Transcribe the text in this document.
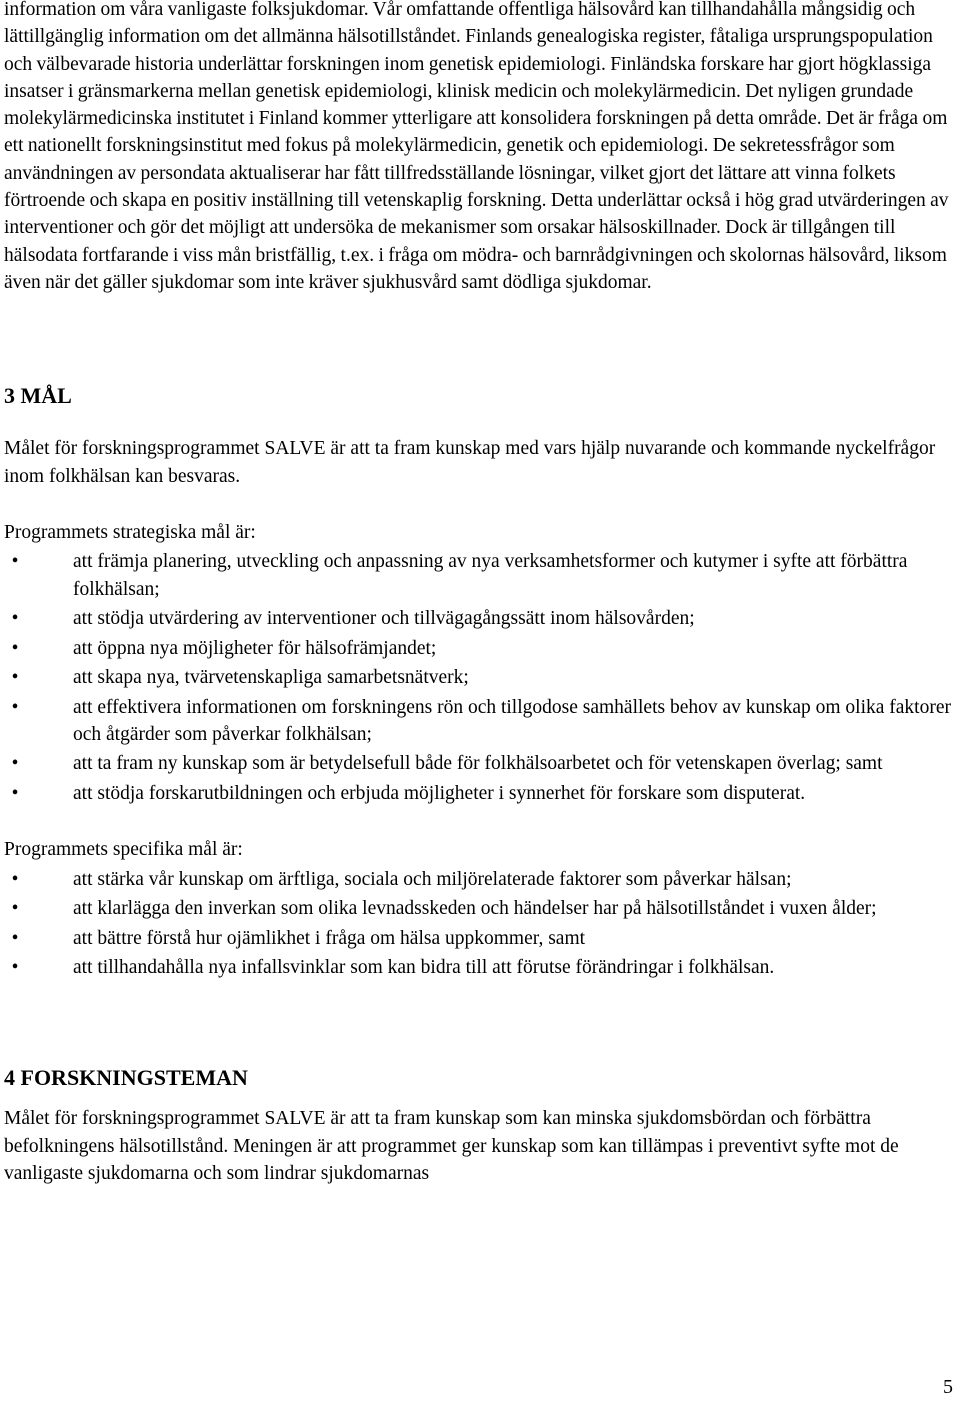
information om våra vanligaste folksjukdomar. Vår omfattande offentliga hälsovård kan tillhandahålla mångsidig och lättillgänglig information om det allmänna hälsotillståndet. Finlands genealogiska register, fåtaliga ursprungspopulation och välbevarade historia underlättar forskningen inom genetisk epidemiologi. Finländska forskare har gjort högklassiga insatser i gränsmarkerna mellan genetisk epidemiologi, klinisk medicin och molekylärmedicin. Det nyligen grundade molekylärmedicinska institutet i Finland kommer ytterligare att konsolidera forskningen på detta område. Det är fråga om ett nationellt forskningsinstitut med fokus på molekylärmedicin, genetik och epidemiologi. De sekretessfrågor som användningen av persondata aktualiserar har fått tillfredsställande lösningar, vilket gjort det lättare att vinna folkets förtroende och skapa en positiv inställning till vetenskaplig forskning. Detta underlättar också i hög grad utvärderingen av interventioner och gör det möjligt att undersöka de mekanismer som orsakar hälsoskillnader. Dock är tillgången till hälsodata fortfarande i viss mån bristfällig, t.ex. i fråga om mödra- och barnrådgivningen och skolornas hälsovård, liksom även när det gäller sjukdomar som inte kräver sjukhusvård samt dödliga sjukdomar.

3 MÅL

Målet för forskningsprogrammet SALVE är att ta fram kunskap med vars hjälp nuvarande och kommande nyckelfrågor inom folkhälsan kan besvaras.

Programmets strategiska mål är:

•	att främja planering, utveckling och anpassning av nya verksamhetsformer och kutymer i syfte att förbättra folkhälsan;
•	att stödja utvärdering av interventioner och tillvägagångssätt inom hälsovården;
•	att öppna nya möjligheter för hälsofrämjandet;
•	att skapa nya, tvärvetenskapliga samarbetsnätverk;
•	att effektivera informationen om forskningens rön och tillgodose samhällets behov av kunskap om olika faktorer och åtgärder som påverkar folkhälsan;
•	att ta fram ny kunskap som är betydelsefull både för folkhälsoarbetet och för vetenskapen överlag; samt
•	att stödja forskarutbildningen och erbjuda möjligheter i synnerhet för forskare som disputerat.

Programmets specifika mål är:

•	att stärka vår kunskap om ärftliga, sociala och miljörelaterade faktorer som påverkar hälsan;
•	att klarlägga den inverkan som olika levnadsskeden och händelser har på hälsotillståndet i vuxen ålder;
•	att bättre förstå hur ojämlikhet i fråga om hälsa uppkommer, samt
•	att tillhandahålla nya infallsvinklar som kan bidra till att förutse förändringar i folkhälsan.
4 FORSKNINGSTEMAN

Målet för forskningsprogrammet SALVE är att ta fram kunskap som kan minska sjukdomsbördan och förbättra befolkningens hälsotillstånd. Meningen är att programmet ger kunskap som kan tillämpas i preventivt syfte mot de vanligaste sjukdomarna och som lindrar sjukdomarnas

5
